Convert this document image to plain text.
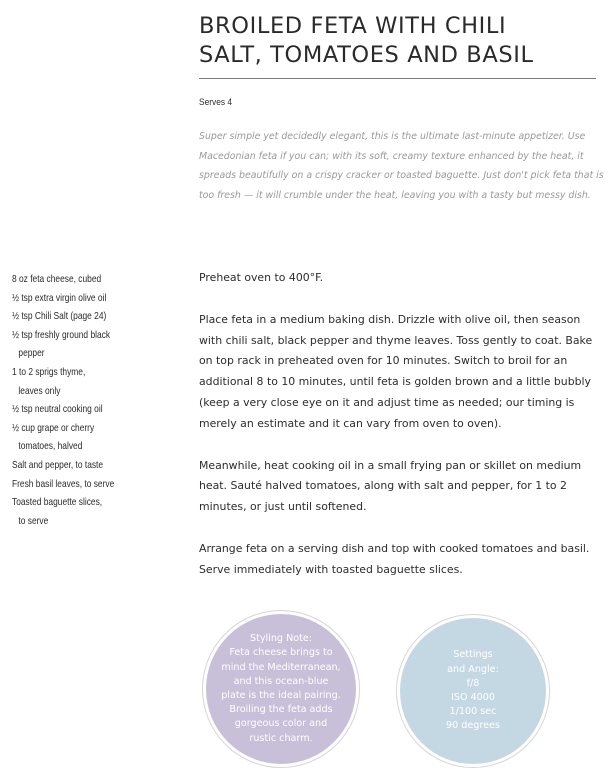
BROILED FETA WITH CHILI
SALT, TOMATOES AND BASIL
Serves 4

Super simple yet decidedly elegant, this is the ultimate last-minute appetizer. Use Macedonian feta if you can; with its soft, creamy texture enhanced by the heat, it spreads beautifully on a crispy cracker or toasted baguette. Just don't pick feta that is too fresh — it will crumble under the heat, leaving you with a tasty but messy dish.

8 oz feta cheese, cubed
½ tsp extra virgin olive oil
½ tsp Chili Salt (page 24)
½ tsp freshly ground black
pepper
1 to 2 sprigs thyme,
leaves only
½ tsp neutral cooking oil
½ cup grape or cherry
tomatoes, halved
Salt and pepper, to taste
Fresh basil leaves, to serve
Toasted baguette slices,
to serve

Preheat oven to 400°F.

Place feta in a medium baking dish. Drizzle with olive oil, then season with chili salt, black pepper and thyme leaves. Toss gently to coat. Bake on top rack in preheated oven for 10 minutes. Switch to broil for an additional 8 to 10 minutes, until feta is golden brown and a little bubbly (keep a very close eye on it and adjust time as needed; our timing is merely an estimate and it can vary from oven to oven).

Meanwhile, heat cooking oil in a small frying pan or skillet on medium heat. Sauté halved tomatoes, along with salt and pepper, for 1 to 2 minutes, or just until softened.

Arrange feta on a serving dish and top with cooked tomatoes and basil. Serve immediately with toasted baguette slices.

Styling Note:
Feta cheese brings to mind the Mediterranean, and this ocean-blue plate is the ideal pairing. Broiling the feta adds gorgeous color and rustic charm.
Settings
and Angle:
f/8
ISO 4000
1/100 sec
90 degrees
